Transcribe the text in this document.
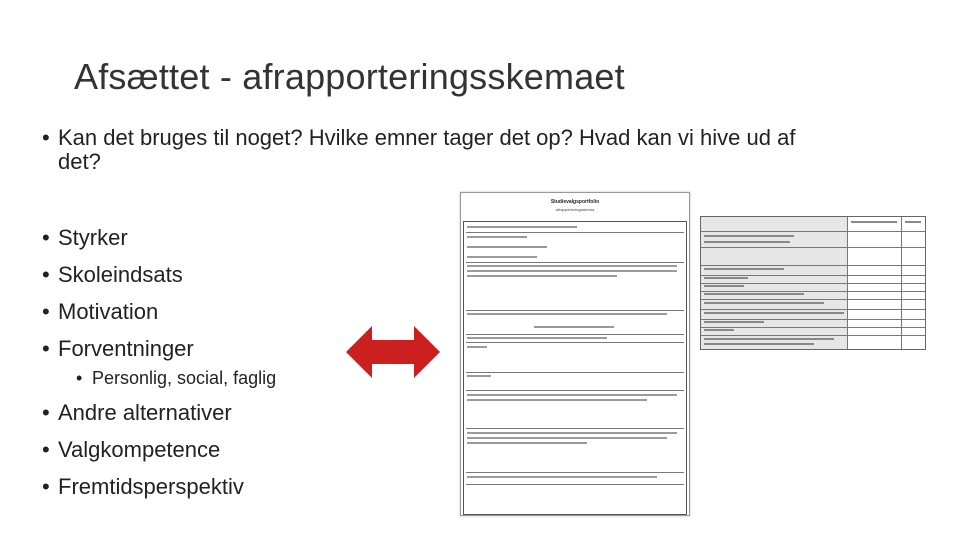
Afsættet - afrapporteringsskemaet
• Kan det bruges til noget? Hvilke emner tager det op? Hvad kan vi hive ud af
det?
• Styrker
• Skoleindsats
• Motivation
• Forventninger
• Personlig, social, faglig
• Andre alternativer
• Valgkompetence
• Fremtidsperspektiv
Studievalgsportfolio
afrapporteringsskema
